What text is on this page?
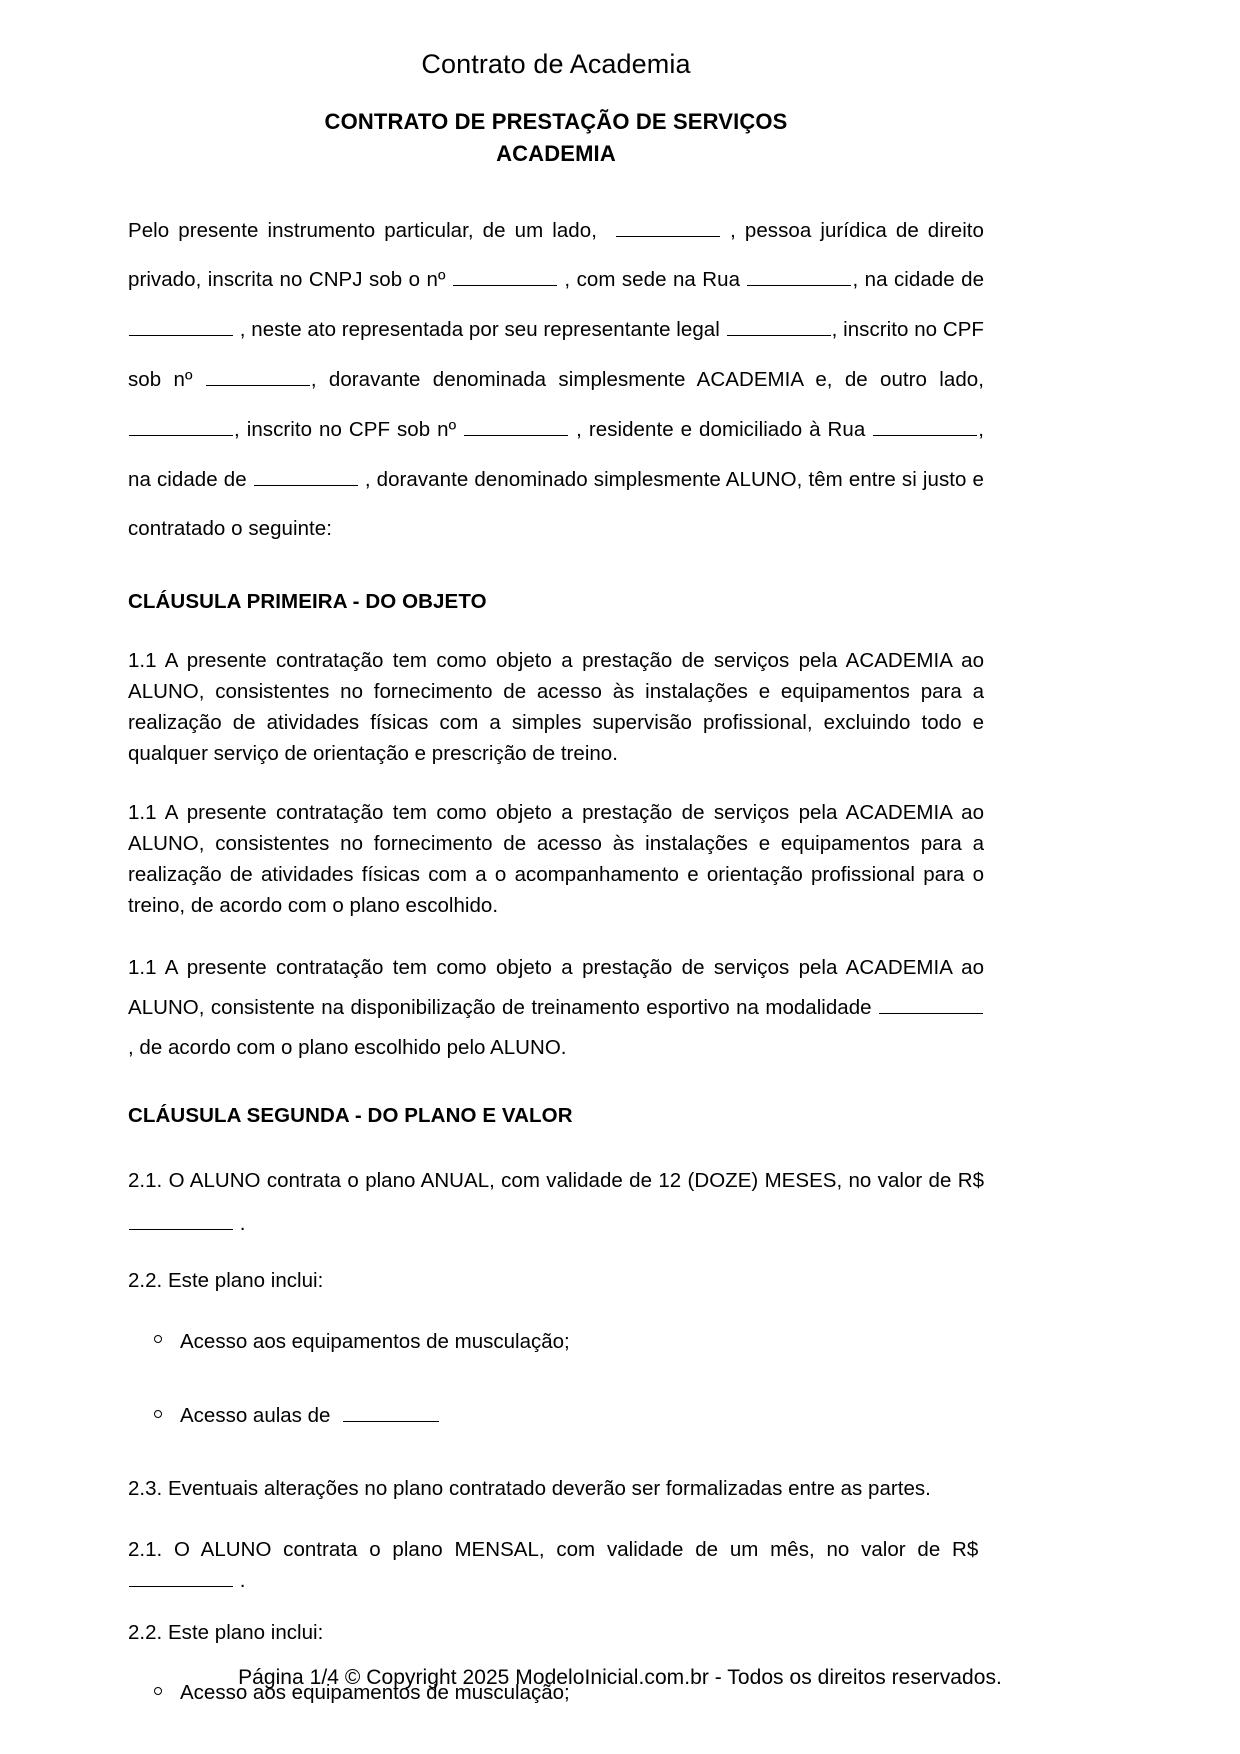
Contrato de Academia
CONTRATO DE PRESTAÇÃO DE SERVIÇOS
ACADEMIA

Pelo presente instrumento particular, de um lado,	, pessoa jurídica de direito privado, inscrita no CNPJ sob o nº	, com sede na Rua	, na cidade de  , neste ato representada por seu representante legal	, inscrito no CPF sob nº	, doravante denominada simplesmente ACADEMIA e, de outro lado, , inscrito no CPF sob nº	, residente e domiciliado à Rua	, na cidade de	, doravante denominado simplesmente ALUNO, têm entre si justo e contratado o seguinte:

CLÁUSULA PRIMEIRA - DO OBJETO

1.1 A presente contratação tem como objeto a prestação de serviços pela ACADEMIA ao ALUNO, consistentes no fornecimento de acesso às instalações e equipamentos para a realização de atividades físicas com a simples supervisão profissional, excluindo todo e qualquer serviço de orientação e prescrição de treino.

1.1 A presente contratação tem como objeto a prestação de serviços pela ACADEMIA ao ALUNO, consistentes no fornecimento de acesso às instalações e equipamentos para a realização de atividades físicas com a o acompanhamento e orientação profissional para o treino, de acordo com o plano escolhido.

1.1 A presente contratação tem como objeto a prestação de serviços pela ACADEMIA ao ALUNO, consistente na disponibilização de treinamento esportivo na modalidade  , de acordo com o plano escolhido pelo ALUNO.

CLÁUSULA SEGUNDA - DO PLANO E VALOR

2.1. O ALUNO contrata o plano ANUAL, com validade de 12 (DOZE) MESES, no valor de R$  .

2.2. Este plano inclui:

Acesso aos equipamentos de musculação;
Acesso aulas de

2.3. Eventuais alterações no plano contratado deverão ser formalizadas entre as partes.

2.1. O ALUNO contrata o plano MENSAL, com validade de um mês, no valor de R$   .

2.2. Este plano inclui:

Acesso aos equipamentos de musculação;
Página 1/4 © Copyright 2025 ModeloInicial.com.br - Todos os direitos reservados.
